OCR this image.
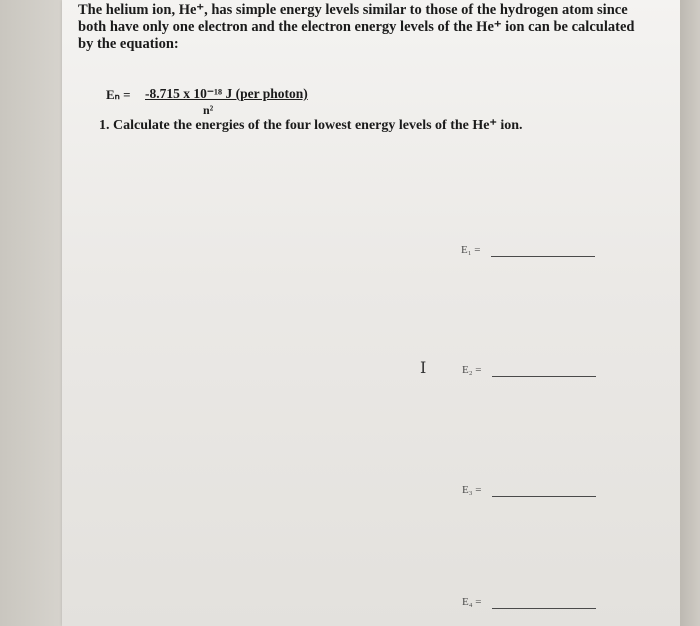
The helium ion, He⁺, has simple energy levels similar to those of the hydrogen atom since both have only one electron and the electron energy levels of the He⁺ ion can be calculated by the equation:

Eₙ = -8.715 x 10⁻¹⁸ J (per photon)
n²
1. Calculate the energies of the four lowest energy levels of the He⁺ ion.
E₁ =
E₂ =
E₃ =
E₄ =
I
